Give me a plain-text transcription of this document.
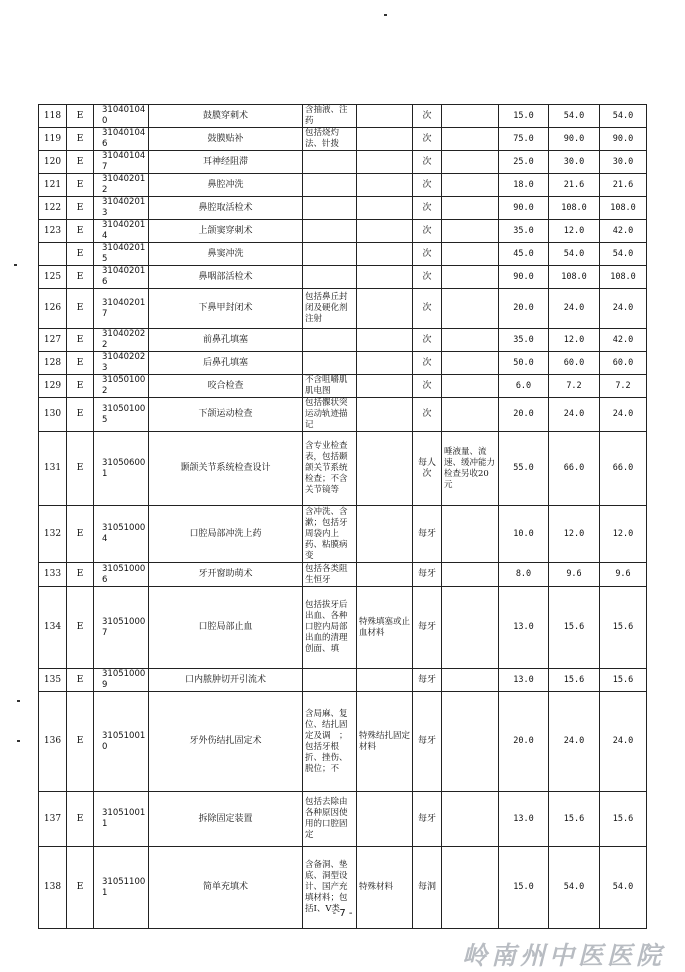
118	E	310401040	鼓膜穿刺术	含抽液、注药		次		15.0	54.0	54.0
119	E	310401046	鼓膜贴补	包括烧灼法、针拨		次		75.0	90.0	90.0
120	E	310401047	耳神经阻滞			次		25.0	30.0	30.0
121	E	310402012	鼻腔冲洗			次		18.0	21.6	21.6
122	E	310402013	鼻腔取活检术			次		90.0	108.0	108.0
123	E	310402014	上颌窦穿刺术			次		35.0	12.0	42.0
	E	310402015	鼻窦冲洗			次		45.0	54.0	54.0
125	E	310402016	鼻咽部活检术			次		90.0	108.0	108.0
126	E	310402017	下鼻甲封闭术	包括鼻丘封闭及硬化剂注射		次		20.0	24.0	24.0
127	E	310402022	前鼻孔填塞			次		35.0	12.0	42.0
128	E	310402023	后鼻孔填塞			次		50.0	60.0	60.0
129	E	310501002	咬合检查	不含咀嚼肌肌电图		次		6.0	7.2	7.2
130	E	310501005	下颌运动检查	包括髁状突运动轨迹描记		次		20.0	24.0	24.0
131	E	310506001	颞颌关节系统检查设计	含专业检查表，包括颞颌关节系统检查；不含关节镜等		每人次	唾液量、流速、缓冲能力检查另收20元	55.0	66.0	66.0
132	E	310510004	口腔局部冲洗上药	含冲洗、含漱；包括牙周袋内上药、粘膜病变		每牙		10.0	12.0	12.0
133	E	310510006	牙开窗助萌术	包括各类阻生恒牙		每牙		8.0	9.6	9.6
134	E	310510007	口腔局部止血	包括拔牙后出血、各种口腔内局部出血的清理创面、填	特殊填塞或止血材料	每牙		13.0	15.6	15.6
135	E	310510009	口内脓肿切开引流术			每牙		13.0	15.6	15.6
136	E	310510010	牙外伤结扎固定术	含局麻、复位、结扎固定及调　；包括牙根折、挫伤、脱位；不	特殊结扎固定材料	每牙		20.0	24.0	24.0
137	E	310510011	拆除固定装置	包括去除由各种原因使用的口腔固定		每牙		13.0	15.6	15.6
138	E	310511001	简单充填术	含备洞、垫底、洞型设计、国产充填材料；包括I、V类	特殊材料	每洞		15.0	54.0	54.0
- 7 -
岭南州中医医院
